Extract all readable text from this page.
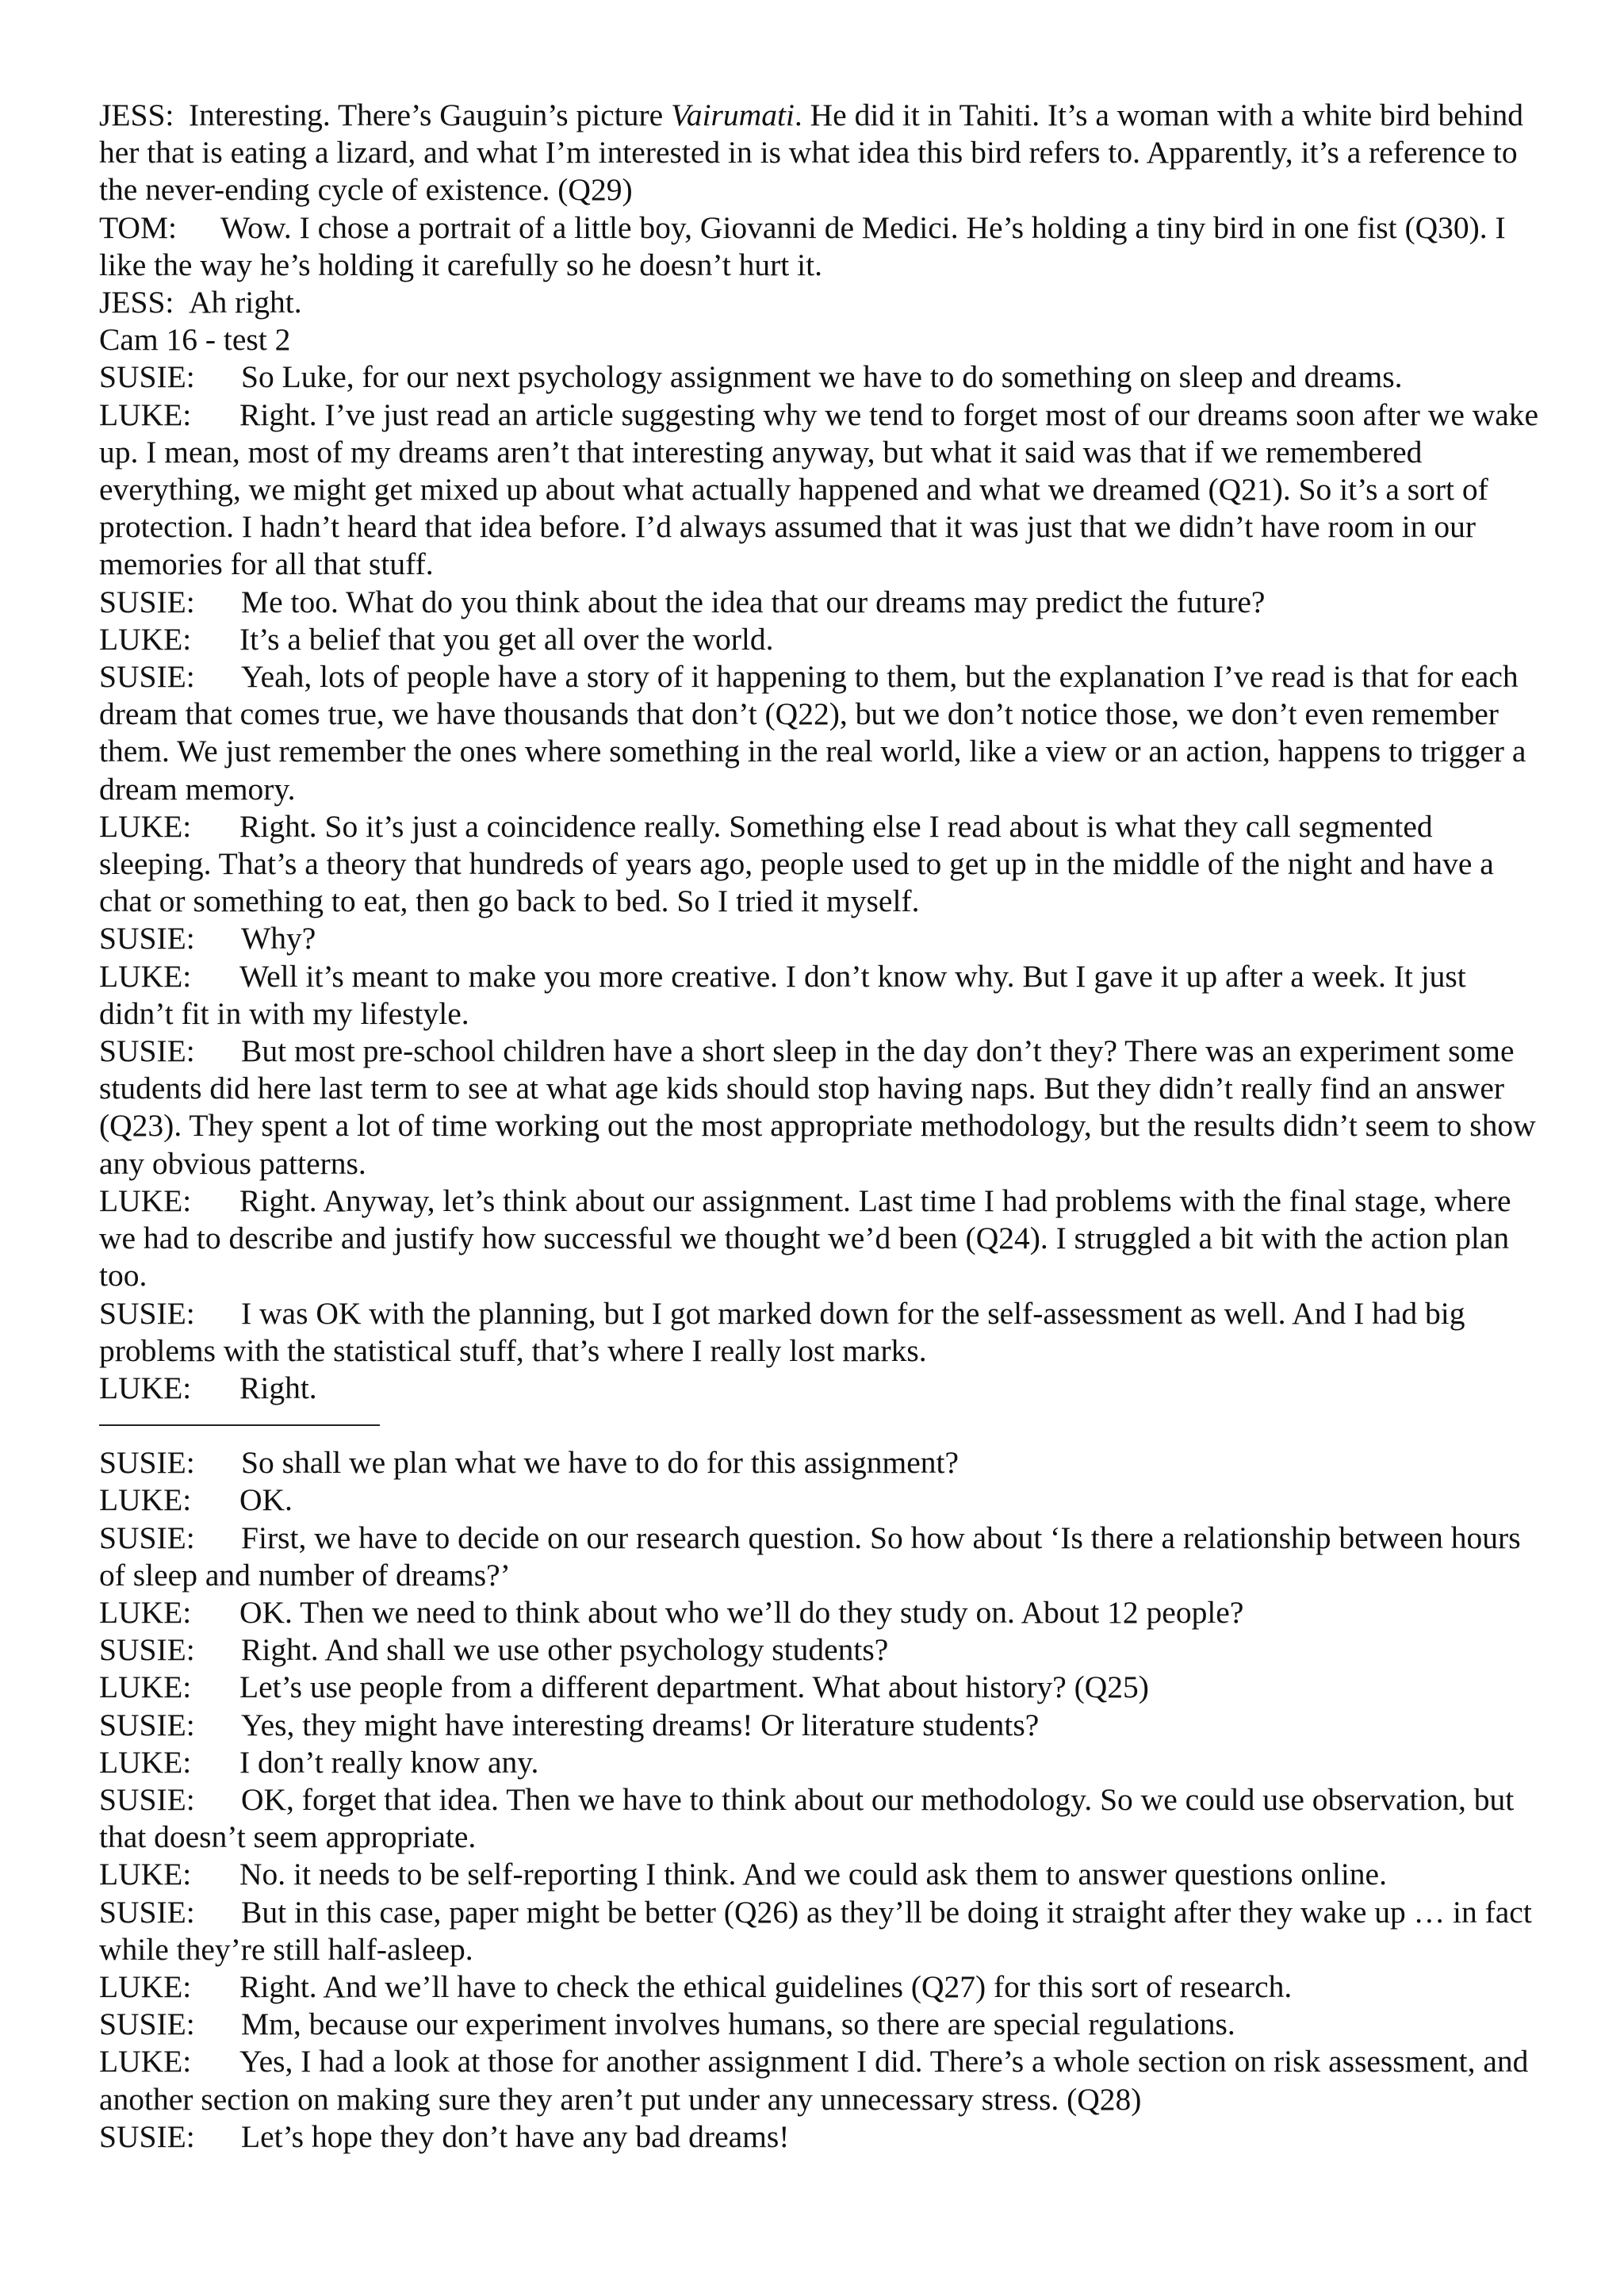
JESS: Interesting. There’s Gauguin’s picture Vairumati. He did it in Tahiti. It’s a woman with a white bird behind her that is eating a lizard, and what I’m interested in is what idea this bird refers to. Apparently, it’s a reference to the never-ending cycle of existence. (Q29)

TOM: Wow. I chose a portrait of a little boy, Giovanni de Medici. He’s holding a tiny bird in one fist (Q30). I like the way he’s holding it carefully so he doesn’t hurt it.

JESS: Ah right.

Cam 16 - test 2

SUSIE: So Luke, for our next psychology assignment we have to do something on sleep and dreams.

LUKE: Right. I’ve just read an article suggesting why we tend to forget most of our dreams soon after we wake up. I mean, most of my dreams aren’t that interesting anyway, but what it said was that if we remembered everything, we might get mixed up about what actually happened and what we dreamed (Q21). So it’s a sort of protection. I hadn’t heard that idea before. I’d always assumed that it was just that we didn’t have room in our memories for all that stuff.

SUSIE: Me too. What do you think about the idea that our dreams may predict the future?

LUKE: It’s a belief that you get all over the world.

SUSIE: Yeah, lots of people have a story of it happening to them, but the explanation I’ve read is that for each dream that comes true, we have thousands that don’t (Q22), but we don’t notice those, we don’t even remember them. We just remember the ones where something in the real world, like a view or an action, happens to trigger a dream memory.

LUKE: Right. So it’s just a coincidence really. Something else I read about is what they call segmented sleeping. That’s a theory that hundreds of years ago, people used to get up in the middle of the night and have a chat or something to eat, then go back to bed. So I tried it myself.

SUSIE: Why?

LUKE: Well it’s meant to make you more creative. I don’t know why. But I gave it up after a week. It just didn’t fit in with my lifestyle.

SUSIE: But most pre-school children have a short sleep in the day don’t they? There was an experiment some students did here last term to see at what age kids should stop having naps. But they didn’t really find an answer (Q23). They spent a lot of time working out the most appropriate methodology, but the results didn’t seem to show any obvious patterns.

LUKE: Right. Anyway, let’s think about our assignment. Last time I had problems with the final stage, where we had to describe and justify how successful we thought we’d been (Q24). I struggled a bit with the action plan too.

SUSIE: I was OK with the planning, but I got marked down for the self-assessment as well. And I had big problems with the statistical stuff, that’s where I really lost marks.

LUKE: Right.

SUSIE: So shall we plan what we have to do for this assignment?

LUKE: OK.

SUSIE: First, we have to decide on our research question. So how about ‘Is there a relationship between hours of sleep and number of dreams?’

LUKE: OK. Then we need to think about who we’ll do they study on. About 12 people?

SUSIE: Right. And shall we use other psychology students?

LUKE: Let’s use people from a different department. What about history? (Q25)

SUSIE: Yes, they might have interesting dreams! Or literature students?

LUKE: I don’t really know any.

SUSIE: OK, forget that idea. Then we have to think about our methodology. So we could use observation, but that doesn’t seem appropriate.

LUKE: No. it needs to be self-reporting I think. And we could ask them to answer questions online.

SUSIE: But in this case, paper might be better (Q26) as they’ll be doing it straight after they wake up … in fact while they’re still half-asleep.

LUKE: Right. And we’ll have to check the ethical guidelines (Q27) for this sort of research.

SUSIE: Mm, because our experiment involves humans, so there are special regulations.

LUKE: Yes, I had a look at those for another assignment I did. There’s a whole section on risk assessment, and another section on making sure they aren’t put under any unnecessary stress. (Q28)

SUSIE: Let’s hope they don’t have any bad dreams!
